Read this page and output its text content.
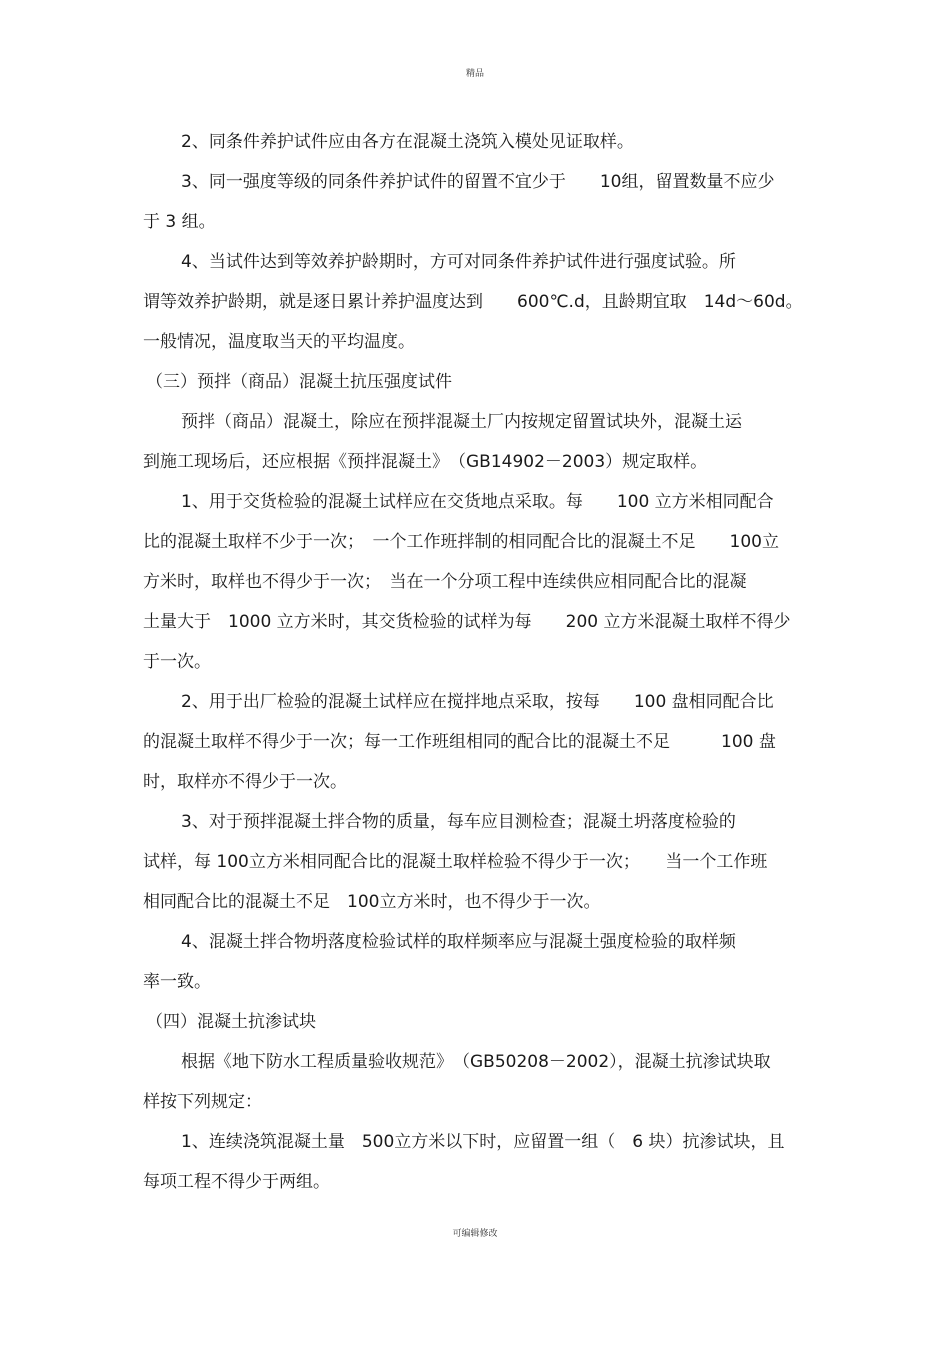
精品
2、同条件养护试件应由各方在混凝土浇筑入模处见证取样。
3、同一强度等级的同条件养护试件的留置不宜少于　　10组，留置数量不应少
于 3 组。
4、当试件达到等效养护龄期时，方可对同条件养护试件进行强度试验。所
谓等效养护龄期，就是逐日累计养护温度达到　　600℃.d，且龄期宜取　14d～60d。
一般情况，温度取当天的平均温度。
（三）预拌（商品）混凝土抗压强度试件
预拌（商品）混凝土，除应在预拌混凝土厂内按规定留置试块外，混凝土运
到施工现场后，还应根据《预拌混凝土》　（GB14902－2003）规定取样。
1、用于交货检验的混凝土试样应在交货地点采取。每　　100 立方米相同配合
比的混凝土取样不少于一次；　一个工作班拌制的相同配合比的混凝土不足　　100立
方米时，取样也不得少于一次；　当在一个分项工程中连续供应相同配合比的混凝
土量大于　1000 立方米时，其交货检验的试样为每　　200 立方米混凝土取样不得少
于一次。
2、用于出厂检验的混凝土试样应在搅拌地点采取，按每　　100 盘相同配合比
的混凝土取样不得少于一次；每一工作班组相同的配合比的混凝土不足　　　100 盘
时，取样亦不得少于一次。
3、对于预拌混凝土拌合物的质量，每车应目测检查；混凝土坍落度检验的
试样，每 100立方米相同配合比的混凝土取样检验不得少于一次；　　当一个工作班
相同配合比的混凝土不足　100立方米时，也不得少于一次。
4、混凝土拌合物坍落度检验试样的取样频率应与混凝土强度检验的取样频
率一致。
（四）混凝土抗渗试块
根据《地下防水工程质量验收规范》　（GB50208－2002），混凝土抗渗试块取
样按下列规定：
1、连续浇筑混凝土量　500立方米以下时，应留置一组（　6 块）抗渗试块，且
每项工程不得少于两组。
可编辑修改
